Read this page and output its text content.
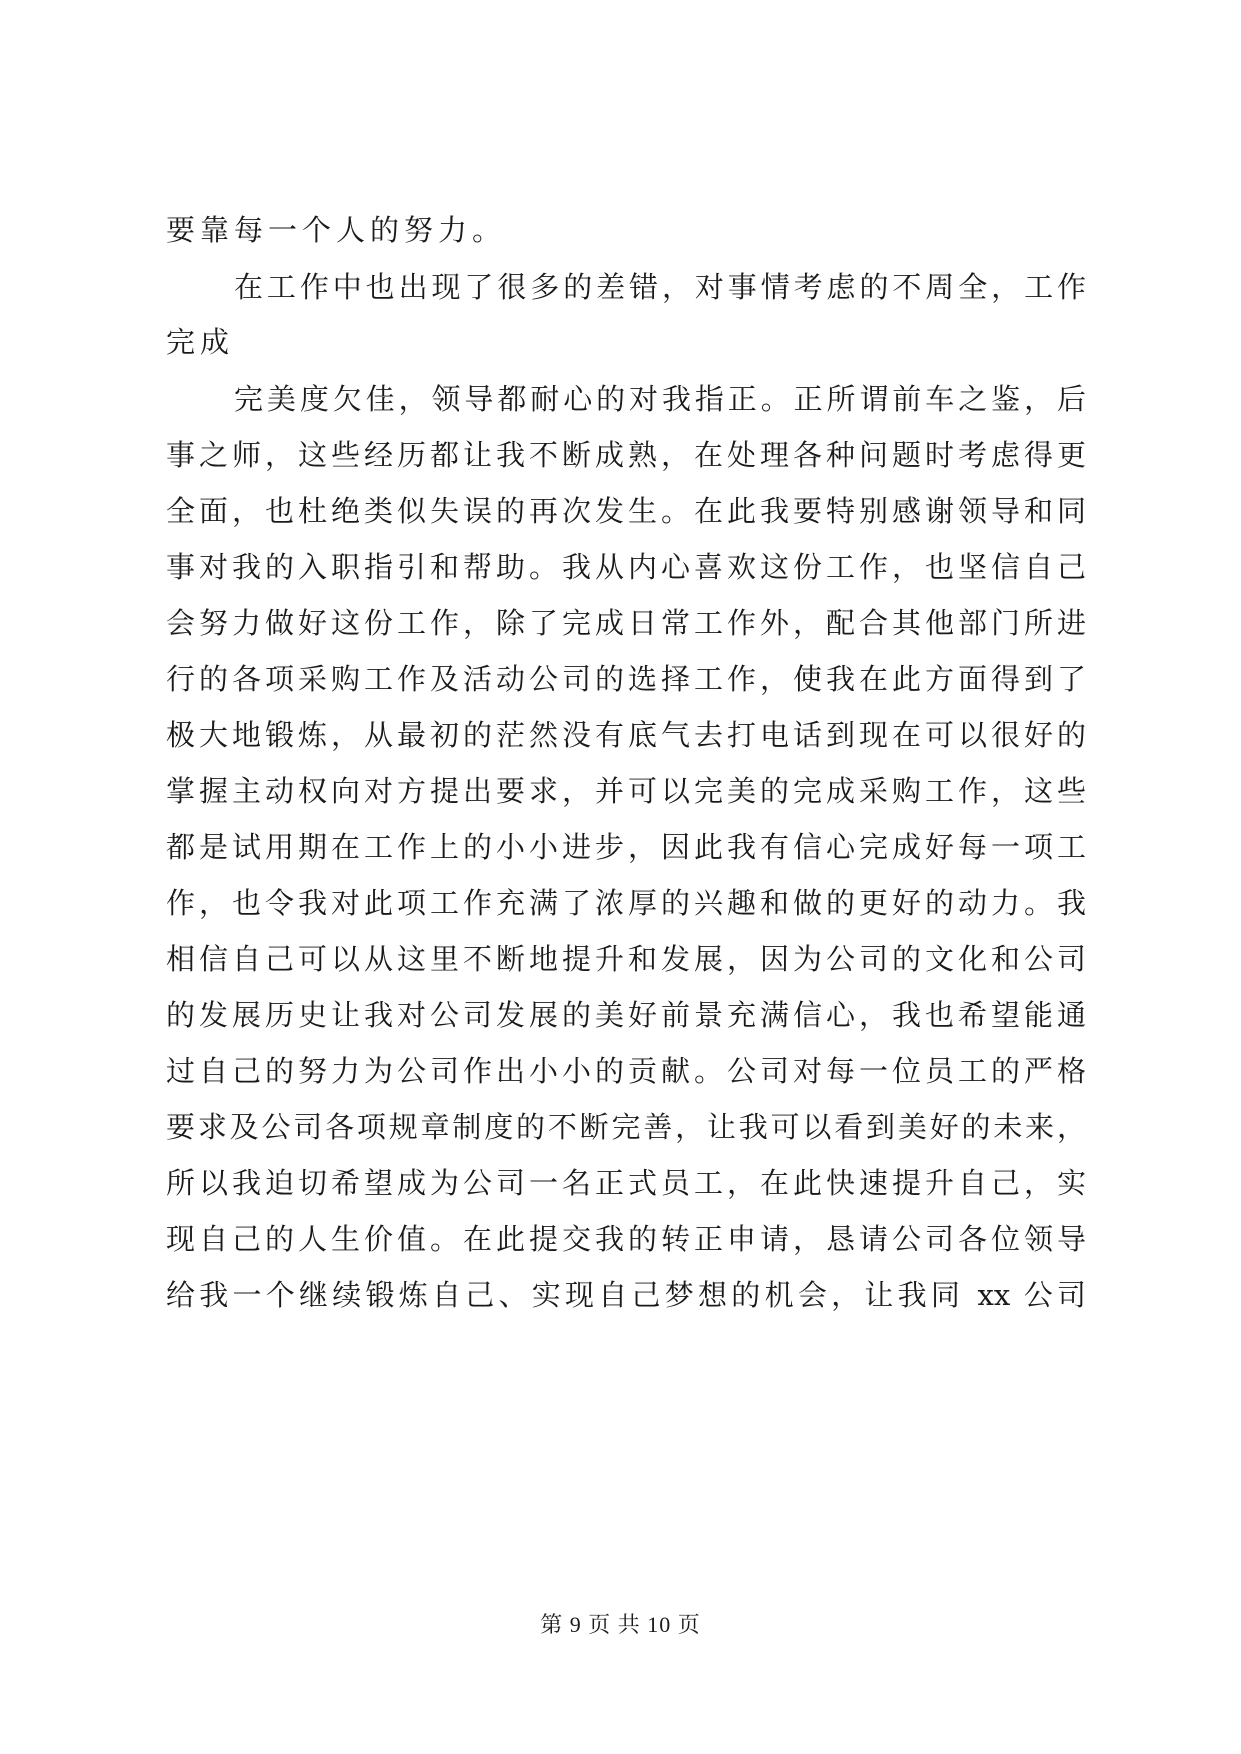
要靠每一个人的努力。
在工作中也出现了很多的差错，对事情考虑的不周全，工作
完成
完美度欠佳，领导都耐心的对我指正。正所谓前车之鉴，后
事之师，这些经历都让我不断成熟，在处理各种问题时考虑得更
全面，也杜绝类似失误的再次发生。在此我要特别感谢领导和同
事对我的入职指引和帮助。我从内心喜欢这份工作，也坚信自己
会努力做好这份工作，除了完成日常工作外，配合其他部门所进
行的各项采购工作及活动公司的选择工作，使我在此方面得到了
极大地锻炼，从最初的茫然没有底气去打电话到现在可以很好的
掌握主动权向对方提出要求，并可以完美的完成采购工作，这些
都是试用期在工作上的小小进步，因此我有信心完成好每一项工
作，也令我对此项工作充满了浓厚的兴趣和做的更好的动力。我
相信自己可以从这里不断地提升和发展，因为公司的文化和公司
的发展历史让我对公司发展的美好前景充满信心，我也希望能通
过自己的努力为公司作出小小的贡献。公司对每一位员工的严格
要求及公司各项规章制度的不断完善，让我可以看到美好的未来，
所以我迫切希望成为公司一名正式员工，在此快速提升自己，实
现自己的人生价值。在此提交我的转正申请，恳请公司各位领导
给我一个继续锻炼自己、实现自己梦想的机会，让我同 xx 公司
第 9 页 共 10 页
